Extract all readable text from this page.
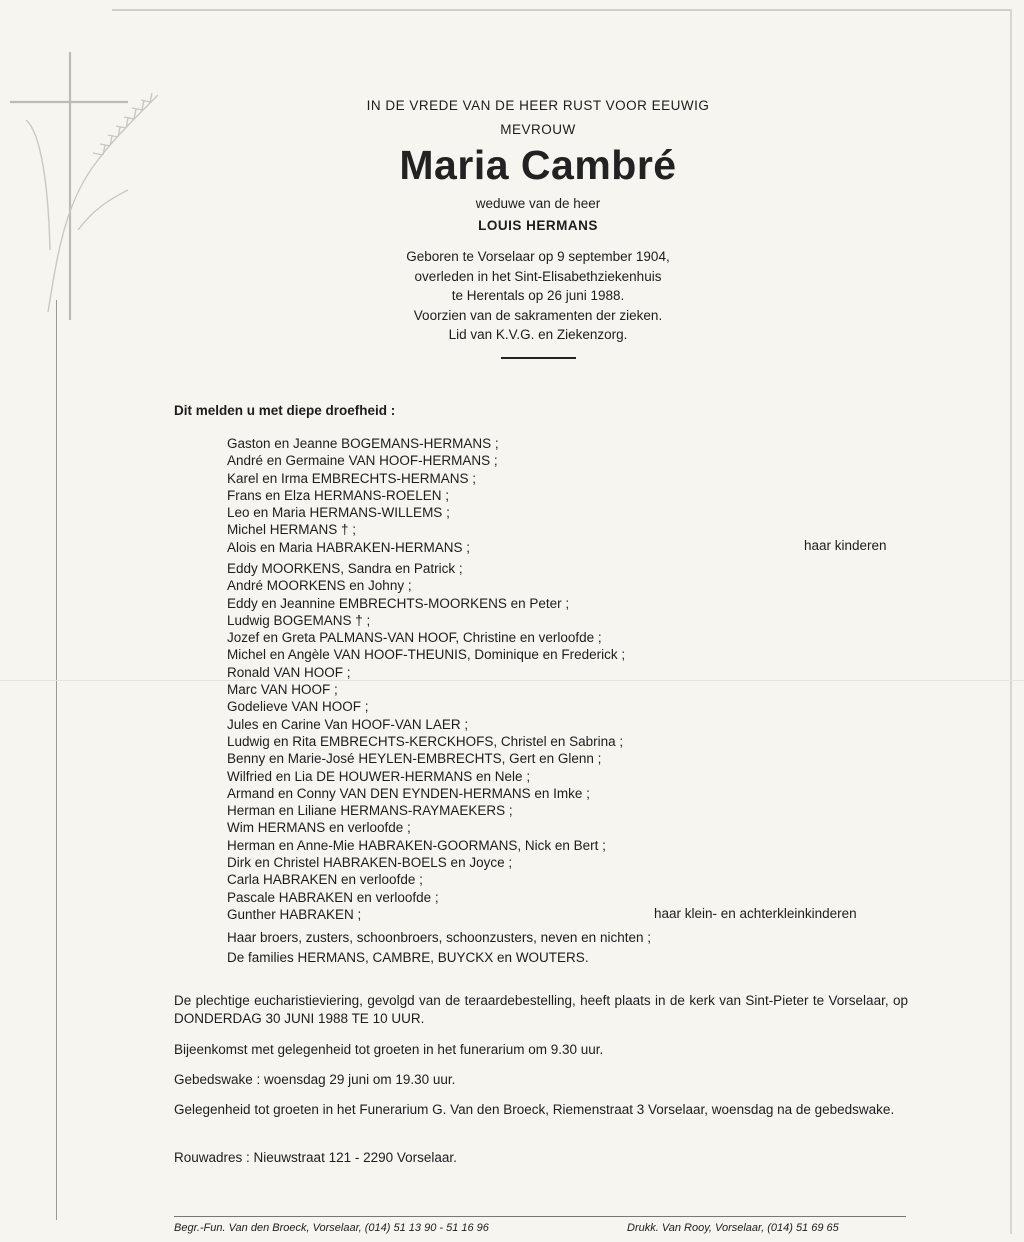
IN DE VREDE VAN DE HEER RUST VOOR EEUWIG
MEVROUW
Maria Cambré
weduwe van de heer
LOUIS HERMANS
Geboren te Vorselaar op 9 september 1904,
overleden in het Sint-Elisabethziekenhuis
te Herentals op 26 juni 1988.
Voorzien van de sakramenten der zieken.
Lid van K.V.G. en Ziekenzorg.
Dit melden u met diepe droefheid :
Gaston en Jeanne BOGEMANS-HERMANS ;
André en Germaine VAN HOOF-HERMANS ;
Karel en Irma EMBRECHTS-HERMANS ;
Frans en Elza HERMANS-ROELEN ;
Leo en Maria HERMANS-WILLEMS ;
Michel HERMANS † ;
Alois en Maria HABRAKEN-HERMANS ;	haar kinderen
Eddy MOORKENS, Sandra en Patrick ;
André MOORKENS en Johny ;
Eddy en Jeannine EMBRECHTS-MOORKENS en Peter ;
Ludwig BOGEMANS † ;
Jozef en Greta PALMANS-VAN HOOF, Christine en verloofde ;
Michel en Angèle VAN HOOF-THEUNIS, Dominique en Frederick ;
Ronald VAN HOOF ;
Marc VAN HOOF ;
Godelieve VAN HOOF ;
Jules en Carine Van HOOF-VAN LAER ;
Ludwig en Rita EMBRECHTS-KERCKHOFS, Christel en Sabrina ;
Benny en Marie-José HEYLEN-EMBRECHTS, Gert en Glenn ;
Wilfried en Lia DE HOUWER-HERMANS en Nele ;
Armand en Conny VAN DEN EYNDEN-HERMANS en Imke ;
Herman en Liliane HERMANS-RAYMAEKERS ;
Wim HERMANS en verloofde ;
Herman en Anne-Mie HABRAKEN-GOORMANS, Nick en Bert ;
Dirk en Christel HABRAKEN-BOELS en Joyce ;
Carla HABRAKEN en verloofde ;
Pascale HABRAKEN en verloofde ;
Gunther HABRAKEN ;	haar klein- en achterkleinkinderen
Haar broers, zusters, schoonbroers, schoonzusters, neven en nichten ;
De families HERMANS, CAMBRE, BUYCKX en WOUTERS.
De plechtige eucharistieviering, gevolgd van de teraardebestelling, heeft plaats in de kerk van Sint-Pieter te Vorselaar, op DONDERDAG 30 JUNI 1988 TE 10 UUR.
Bijeenkomst met gelegenheid tot groeten in het funerarium om 9.30 uur.
Gebedswake : woensdag 29 juni om 19.30 uur.
Gelegenheid tot groeten in het Funerarium G. Van den Broeck, Riemenstraat 3 Vorselaar, woensdag na de gebedswake.
Rouwadres : Nieuwstraat 121 - 2290 Vorselaar.
Begr.-Fun. Van den Broeck, Vorselaar, (014) 51 13 90 - 51 16 96	Drukk. Van Rooy, Vorselaar, (014) 51 69 65
